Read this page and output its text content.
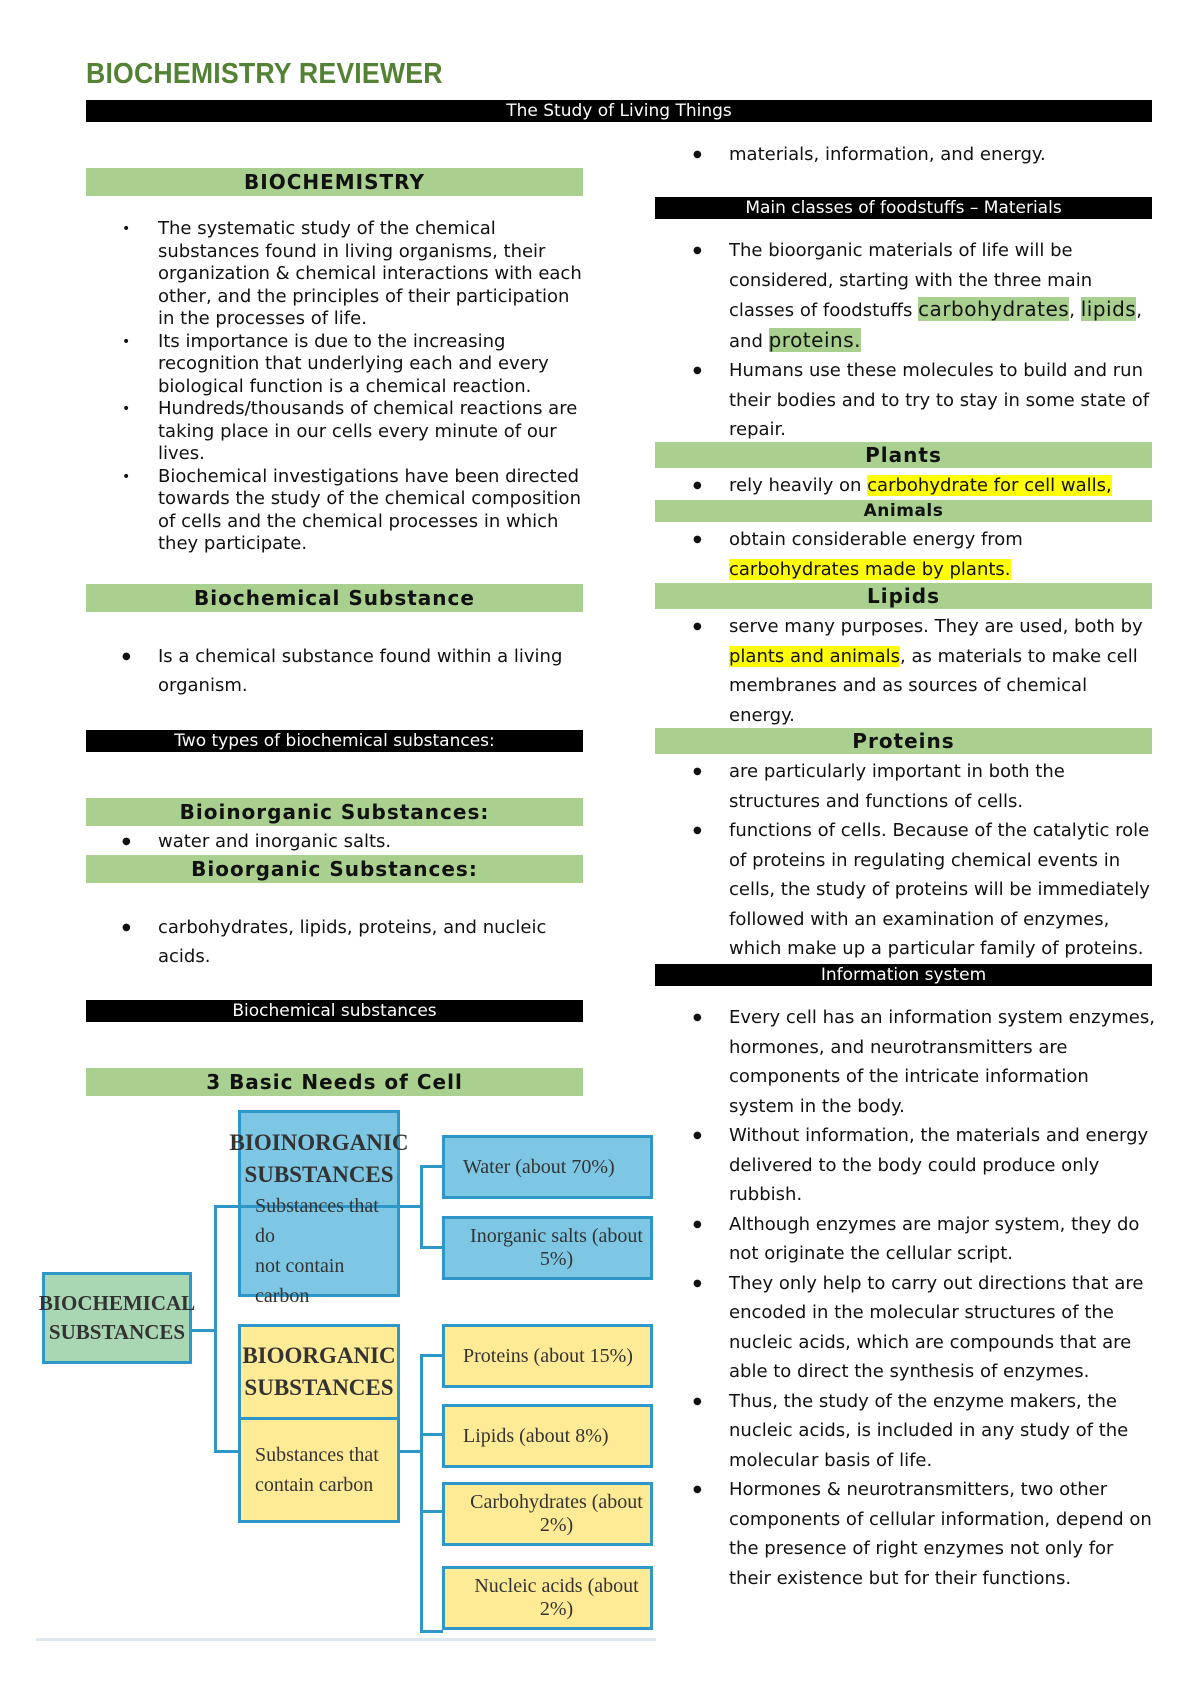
BIOCHEMISTRY REVIEWER
The Study of Living Things
BIOCHEMISTRY
• The systematic study of the chemical substances found in living organisms, their organization & chemical interactions with each other, and the principles of their participation in the processes of life.
• Its importance is due to the increasing recognition that underlying each and every biological function is a chemical reaction.
• Hundreds/thousands of chemical reactions are taking place in our cells every minute of our lives.
• Biochemical investigations have been directed towards the study of the chemical composition of cells and the chemical processes in which they participate.
Biochemical Substance
● Is a chemical substance found within a living organism.
Two types of biochemical substances:
Bioinorganic Substances:
● water and inorganic salts.
Bioorganic Substances:
● carbohydrates, lipids, proteins, and nucleic acids.
Biochemical substances
3 Basic Needs of Cell
BIOCHEMICAL
SUBSTANCES
BIOINORGANIC
SUBSTANCES
Substances that do
not contain carbon
BIOORGANIC
SUBSTANCES
Substances that
contain carbon
Water (about 70%)
Inorganic salts (about 5%)
Proteins (about 15%)
Lipids (about 8%)
Carbohydrates (about 2%)
Nucleic acids (about 2%)
● materials, information, and energy.
Main classes of foodstuffs – Materials
● The bioorganic materials of life will be considered, starting with the three main classes of foodstuffs carbohydrates, lipids, and proteins.
● Humans use these molecules to build and run their bodies and to try to stay in some state of repair.
Plants
● rely heavily on carbohydrate for cell walls,
Animals
● obtain considerable energy from carbohydrates made by plants.
Lipids
● serve many purposes. They are used, both by plants and animals, as materials to make cell membranes and as sources of chemical energy.
Proteins
● are particularly important in both the structures and functions of cells.
● functions of cells. Because of the catalytic role of proteins in regulating chemical events in cells, the study of proteins will be immediately followed with an examination of enzymes, which make up a particular family of proteins.
Information system
● Every cell has an information system enzymes, hormones, and neurotransmitters are components of the intricate information system in the body.
● Without information, the materials and energy delivered to the body could produce only rubbish.
● Although enzymes are major system, they do not originate the cellular script.
● They only help to carry out directions that are encoded in the molecular structures of the nucleic acids, which are compounds that are able to direct the synthesis of enzymes.
● Thus, the study of the enzyme makers, the nucleic acids, is included in any study of the molecular basis of life.
● Hormones & neurotransmitters, two other components of cellular information, depend on the presence of right enzymes not only for their existence but for their functions.
